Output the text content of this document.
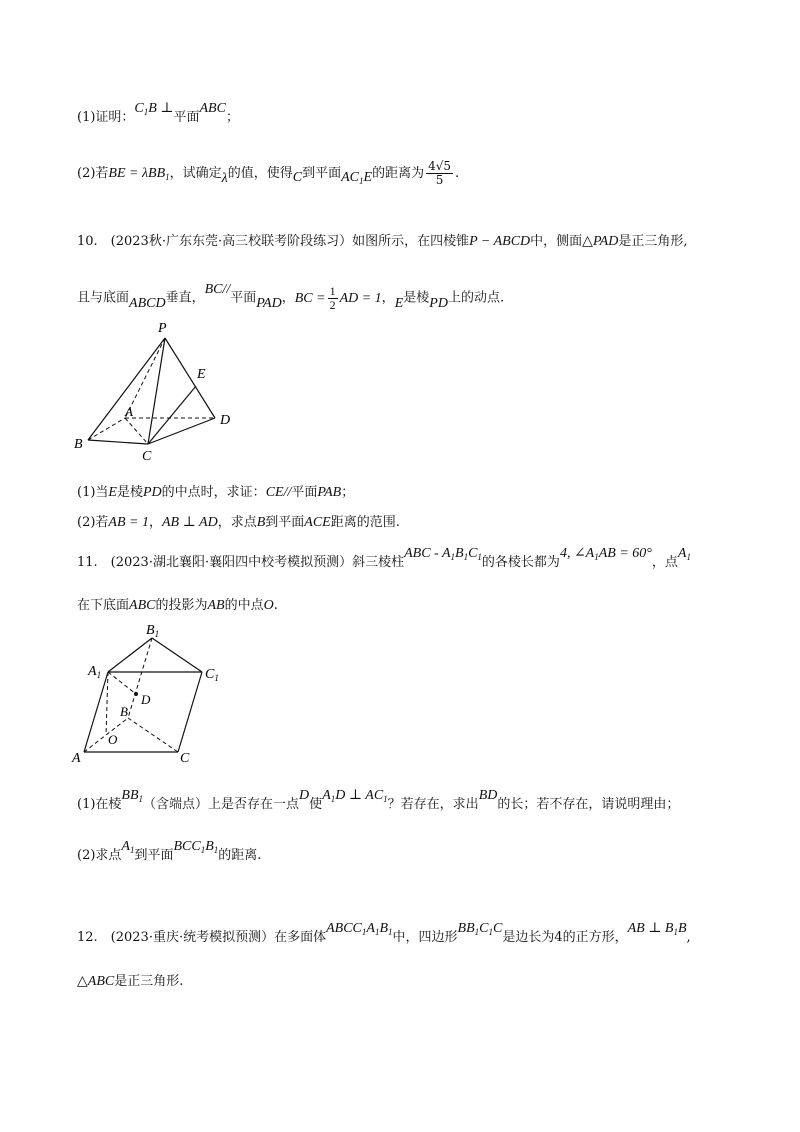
(1)证明：$C_1B$ ⊥平面ABC；
(2)若BE = λBB$_1$，试确定λ的值，使得C到平面$AC_1E$的距离为 $\frac{4√5}{5}$ .
10.　(2023秋·广东东莞·高三校联考阶段练习）如图所示，在四棱锥P − ABCD中，侧面△PAD是正三角形,
且与底面ABCD垂直，BC//平面PAD，BC = $\frac{1}{2}$ AD = 1，E是棱PD上的动点.
P
E
A
D
B
C
(1)当E是棱PD的中点时，求证：CE//平面PAB；
(2)若AB = 1，AB ⊥ AD，求点B到平面ACE距离的范围.
11.　(2023·湖北襄阳·襄阳四中校考模拟预测）斜三棱柱ABC - $A_1B_1C_1$的各棱长都为4, $\angle A_1AB = 60^\circ$，点$A_1$
在下底面ABC的投影为AB的中点O.
$B_1$
$A_1$	$C_1$
D
B
O
A	C
(1)在棱$BB_1$（含端点）上是否存在一点D使$A_1D$ ⊥ $AC_1$？若存在，求出BD的长；若不存在，请说明理由；
(2)求点$A_1$到平面$BCC_1B_1$的距离.
12.　(2023·重庆·统考模拟预测）在多面体$ABCC_1A_1B_1$中，四边形$BB_1C_1C$是边长为4的正方形，AB ⊥ $B_1B$,
△ABC是正三角形.
